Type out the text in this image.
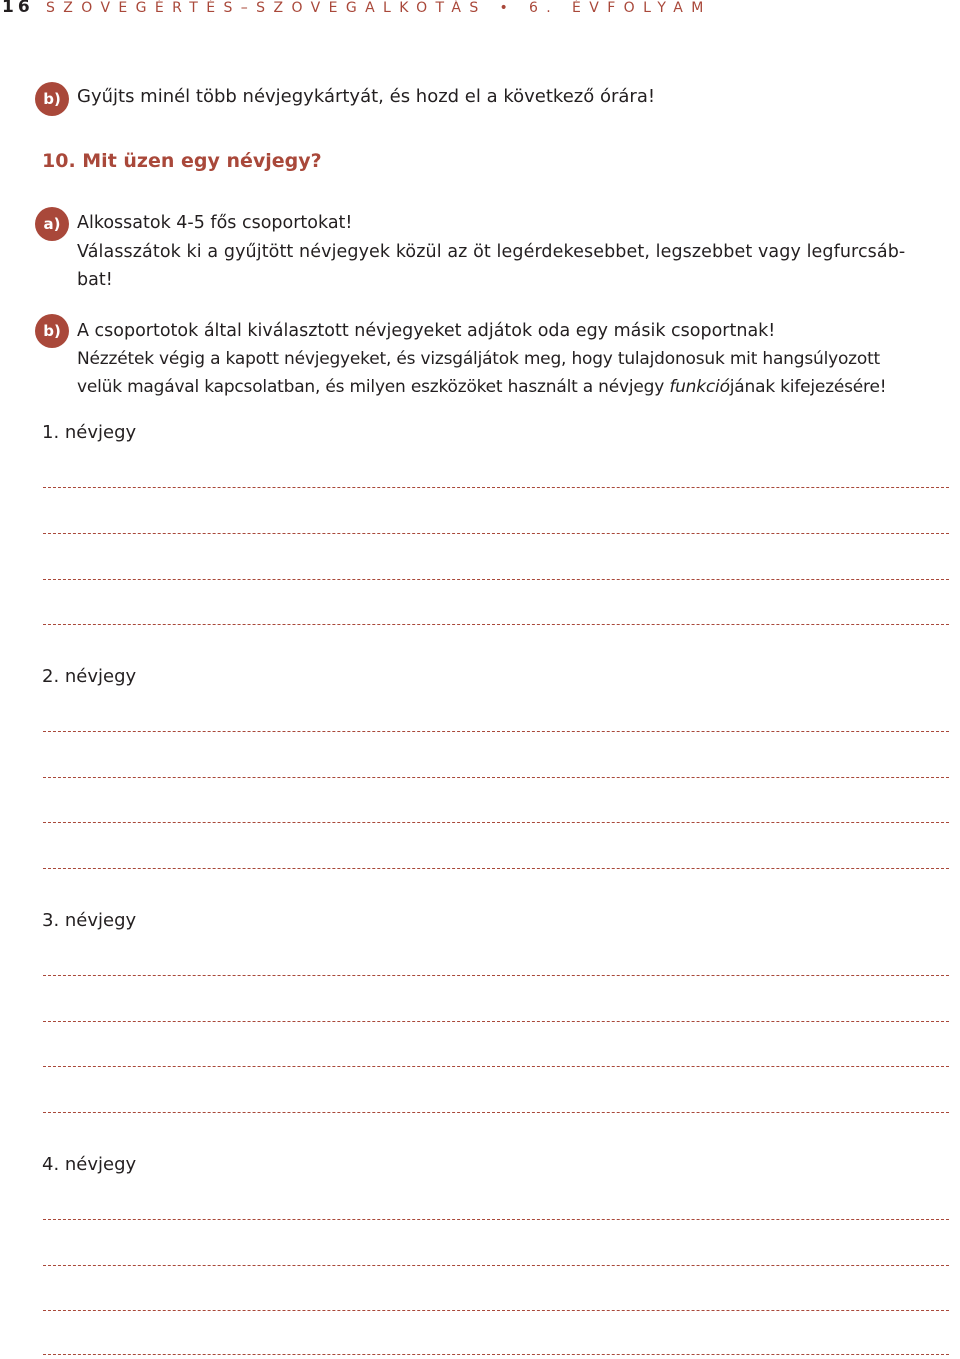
16 SZÖVEGÉRTÉS–SZÖVEGALKOTÁS • 6. ÉVFOLYAM
b) Gyűjts minél több névjegykártyát, és hozd el a következő órára!
10. Mit üzen egy névjegy?
a) Alkossatok 4-5 fős csoportokat!
Válasszátok ki a gyűjtött névjegyek közül az öt legérdekesebbet, legszebbet vagy legfurcsáb-
bat!
b) A csoportotok által kiválasztott névjegyeket adjátok oda egy másik csoportnak!
Nézzétek végig a kapott névjegyeket, és vizsgáljátok meg, hogy tulajdonosuk mit hangsúlyozott
velük magával kapcsolatban, és milyen eszközöket használt a névjegy funkciójának kifejezésére!
1. névjegy
2. névjegy
3. névjegy
4. névjegy
